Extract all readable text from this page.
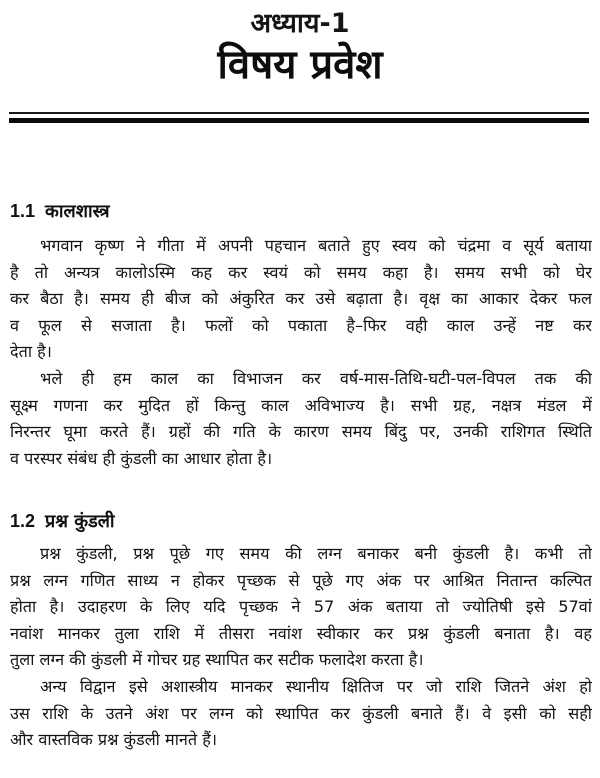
अध्याय-1
विषय प्रवेश
1.1 कालशास्त्र
भगवान कृष्ण ने गीता में अपनी पहचान बताते हुए स्वय को चंद्रमा व सूर्य बताया
है तो अन्यत्र कालोऽस्मि कह कर स्वयं को समय कहा है। समय सभी को घेर
कर बैठा है। समय ही बीज को अंकुरित कर उसे बढ़ाता है। वृक्ष का आकार देकर फल
व फूल से सजाता है। फलों को पकाता है–फिर वही काल उन्हें नष्ट कर
देता है।
भले ही हम काल का विभाजन कर वर्ष-मास-तिथि-घटी-पल-विपल तक की
सूक्ष्म गणना कर मुदित हों किन्तु काल अविभाज्य है। सभी ग्रह, नक्षत्र मंडल में
निरन्तर घूमा करते हैं। ग्रहों की गति के कारण समय बिंदु पर, उनकी राशिगत स्थिति
व परस्पर संबंध ही कुंडली का आधार होता है।
1.2 प्रश्न कुंडली
प्रश्न कुंडली, प्रश्न पूछे गए समय की लग्न बनाकर बनी कुंडली है। कभी तो
प्रश्न लग्न गणित साध्य न होकर पृच्छक से पूछे गए अंक पर आश्रित नितान्त कल्पित
होता है। उदाहरण के लिए यदि पृच्छक ने 57 अंक बताया तो ज्योतिषी इसे 57वां
नवांश मानकर तुला राशि में तीसरा नवांश स्वीकार कर प्रश्न कुंडली बनाता है। वह
तुला लग्न की कुंडली में गोचर ग्रह स्थापित कर सटीक फलादेश करता है।
अन्य विद्वान इसे अशास्त्रीय मानकर स्थानीय क्षितिज पर जो राशि जितने अंश हो
उस राशि के उतने अंश पर लग्न को स्थापित कर कुंडली बनाते हैं। वे इसी को सही
और वास्तविक प्रश्न कुंडली मानते हैं।
